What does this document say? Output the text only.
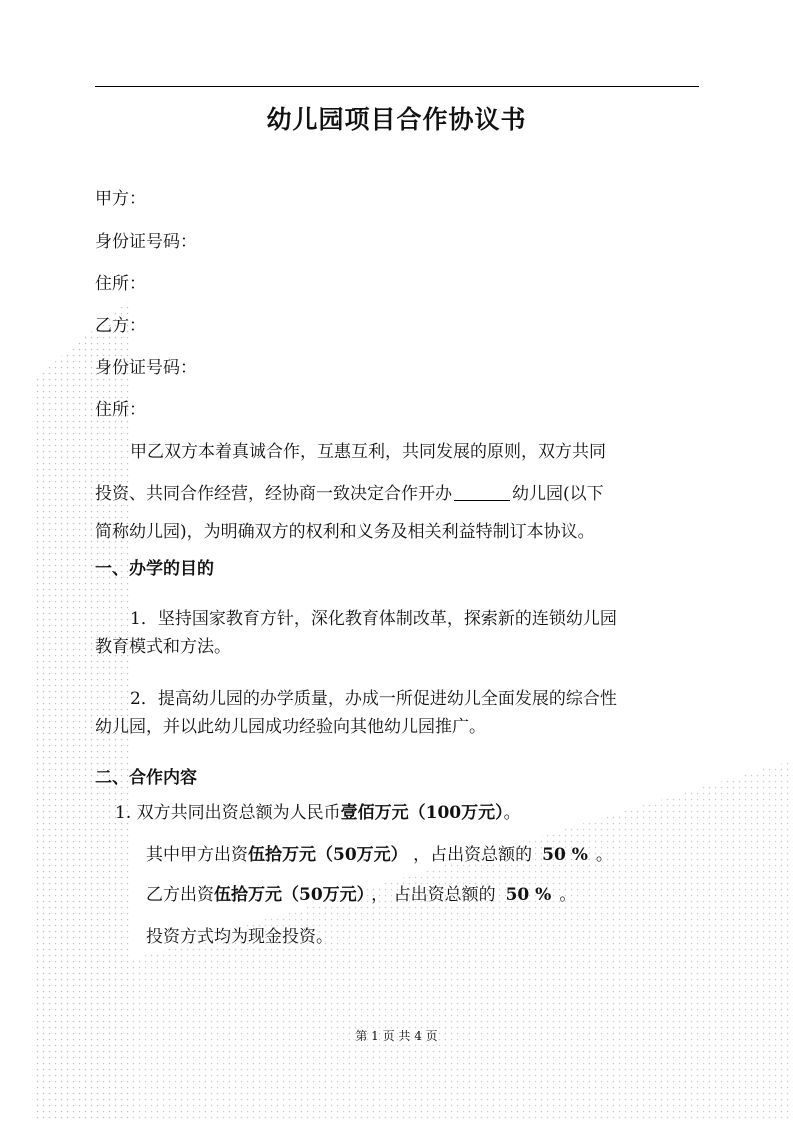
幼儿园项目合作协议书
甲方：
身份证号码：
住所：
乙方：
身份证号码：
住所：
甲乙双方本着真诚合作，互惠互利，共同发展的原则，双方共同
投资、共同合作经营，经协商一致决定合作开办	幼儿园(以下
简称幼儿园)，为明确双方的权利和义务及相关利益特制订本协议。
一、办学的目的
1．坚持国家教育方针，深化教育体制改革，探索新的连锁幼儿园
教育模式和方法。
2．提高幼儿园的办学质量，办成一所促进幼儿全面发展的综合性
幼儿园，并以此幼儿园成功经验向其他幼儿园推广。
二、合作内容
1. 双方共同出资总额为人民币壹佰万元（100万元）。
其中甲方出资伍拾万元（50万元） ，占出资总额的 50 % 。
乙方出资伍拾万元（50万元） ， 占出资总额的 50 % 。
投资方式均为现金投资。
第 1 页 共 4 页
